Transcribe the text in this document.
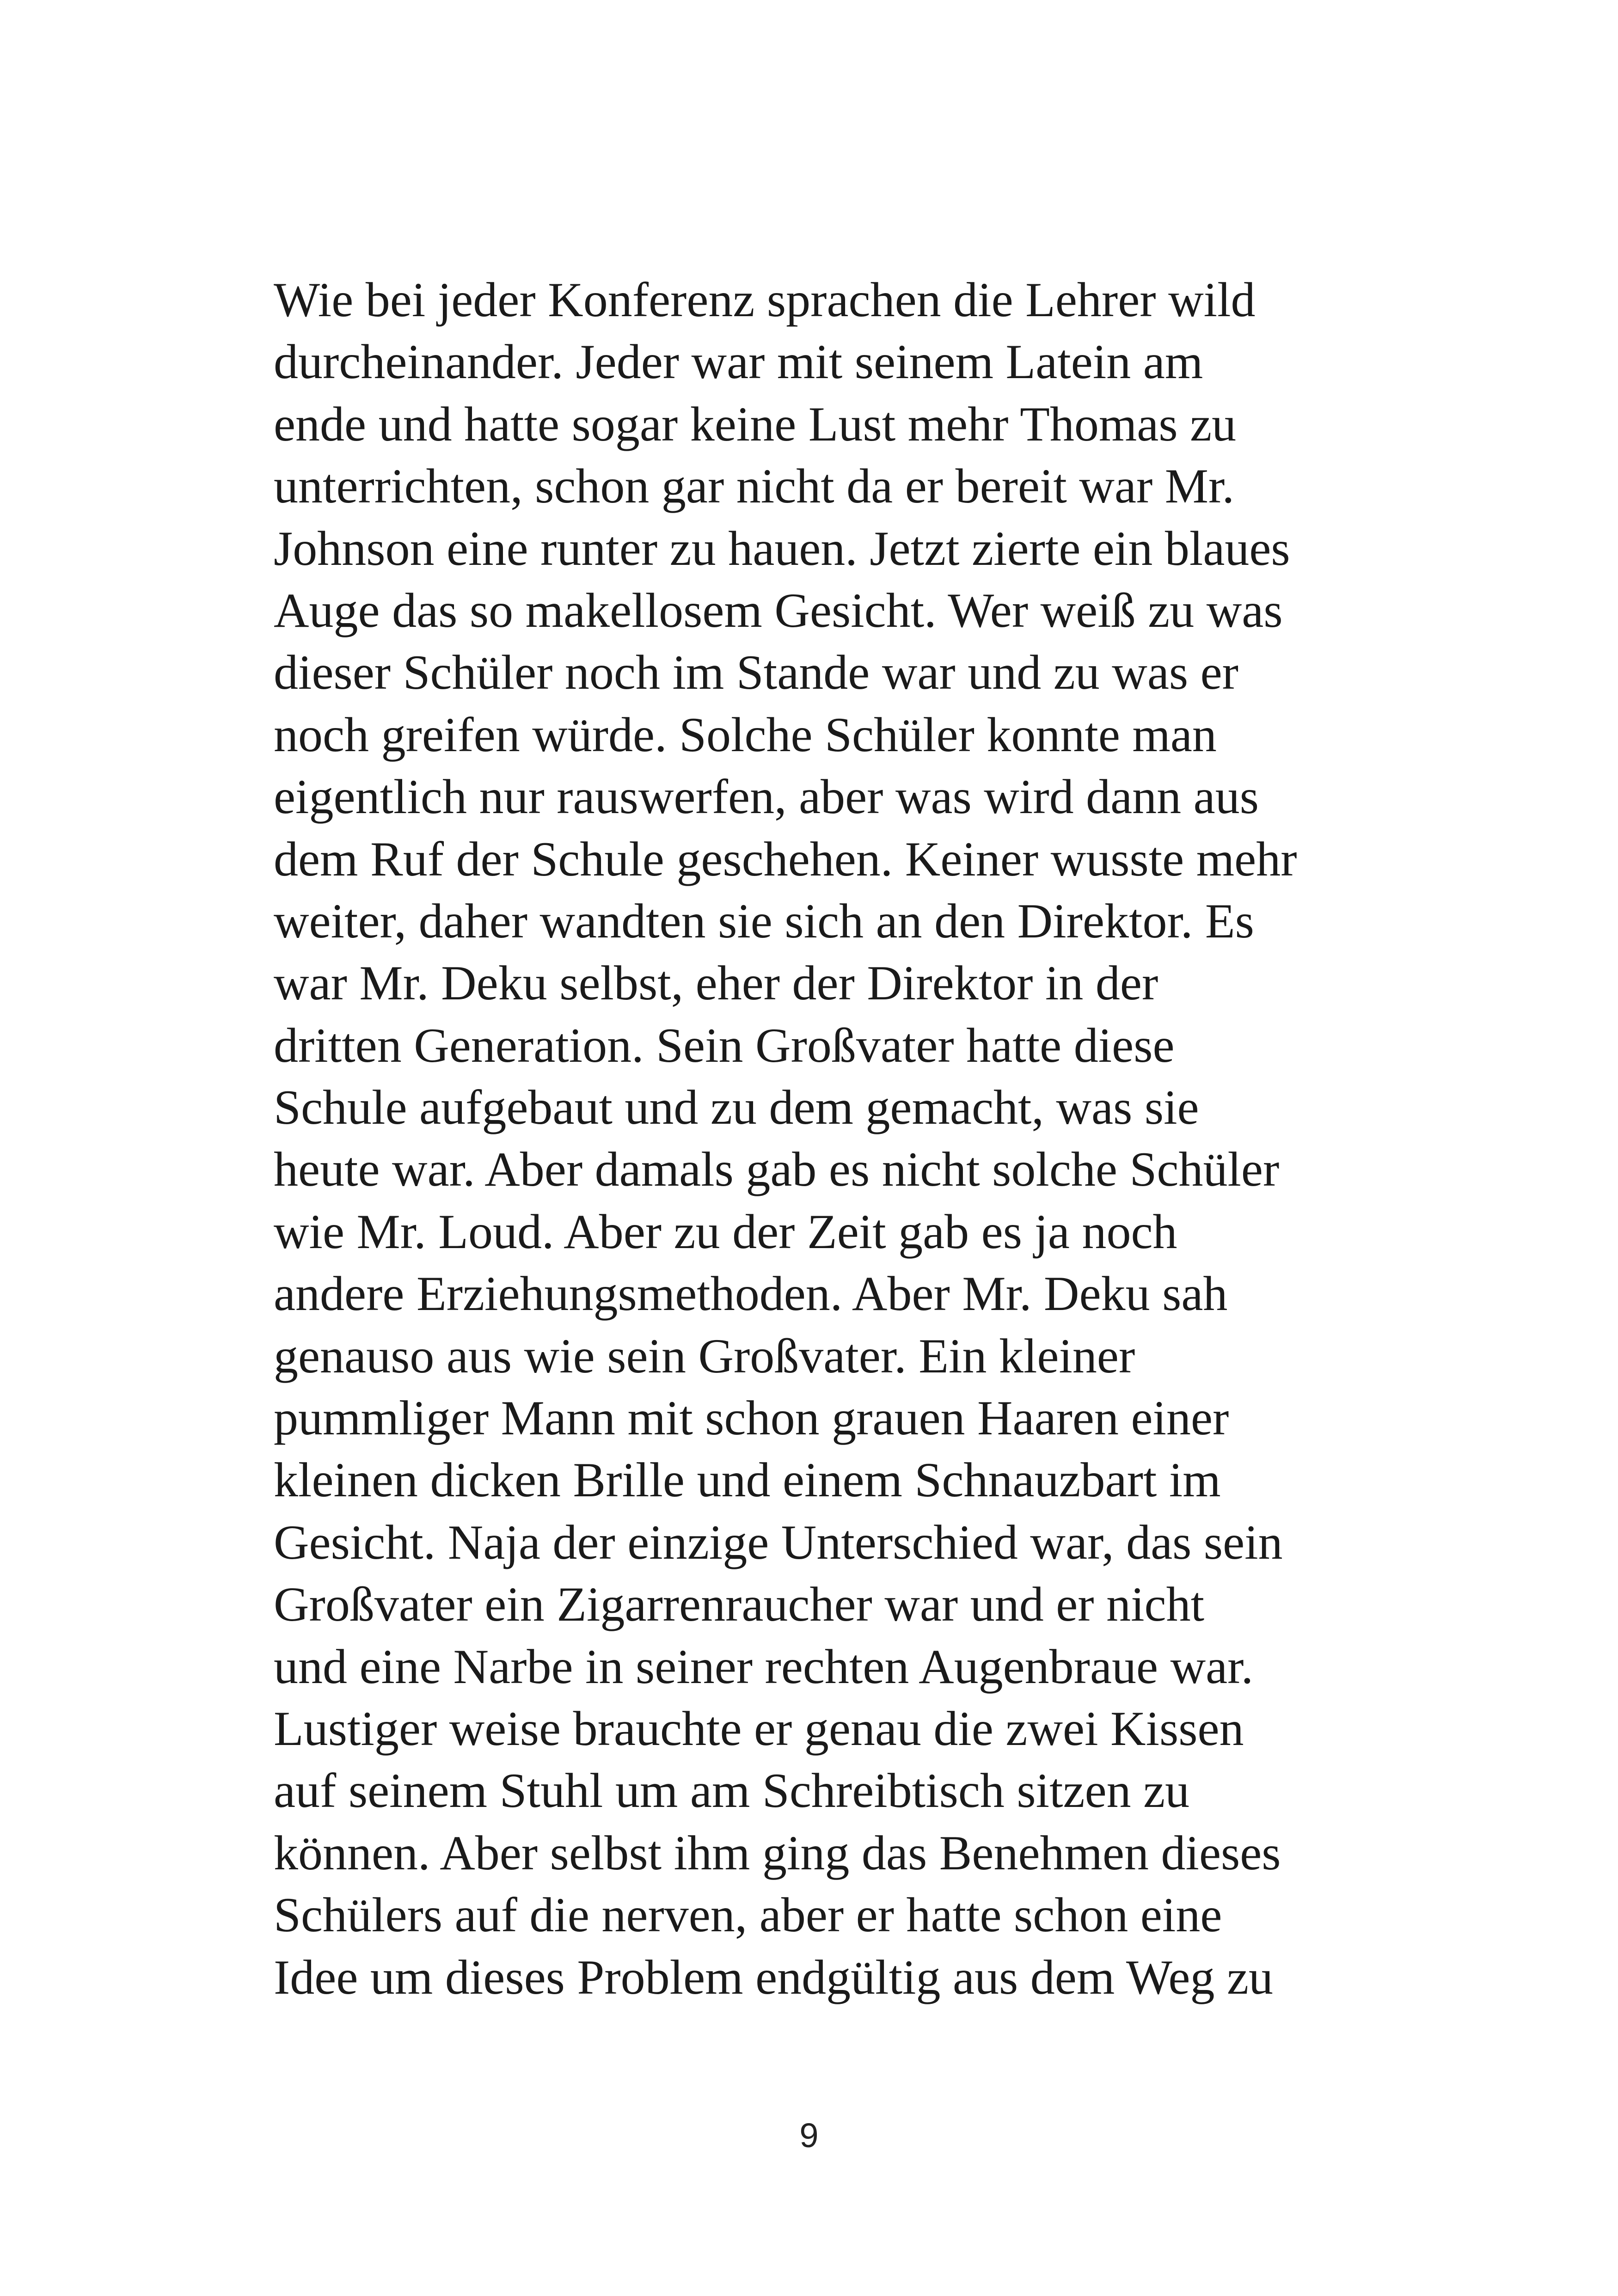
Wie bei jeder Konferenz sprachen die Lehrer wild
durcheinander. Jeder war mit seinem Latein am
ende und hatte sogar keine Lust mehr Thomas zu
unterrichten, schon gar nicht da er bereit war Mr.
Johnson eine runter zu hauen. Jetzt zierte ein blaues
Auge das so makellosem Gesicht. Wer weiß zu was
dieser Schüler noch im Stande war und zu was er
noch greifen würde. Solche Schüler konnte man
eigentlich nur rauswerfen, aber was wird dann aus
dem Ruf der Schule geschehen. Keiner wusste mehr
weiter, daher wandten sie sich an den Direktor. Es
war Mr. Deku selbst, eher der Direktor in der
dritten Generation. Sein Großvater hatte diese
Schule aufgebaut und zu dem gemacht, was sie
heute war. Aber damals gab es nicht solche Schüler
wie Mr. Loud. Aber zu der Zeit gab es ja noch
andere Erziehungsmethoden. Aber Mr. Deku sah
genauso aus wie sein Großvater. Ein kleiner
pummliger Mann mit schon grauen Haaren einer
kleinen dicken Brille und einem Schnauzbart im
Gesicht. Naja der einzige Unterschied war, das sein
Großvater ein Zigarrenraucher war und er nicht
und eine Narbe in seiner rechten Augenbraue war.
Lustiger weise brauchte er genau die zwei Kissen
auf seinem Stuhl um am Schreibtisch sitzen zu
können. Aber selbst ihm ging das Benehmen dieses
Schülers auf die nerven, aber er hatte schon eine
Idee um dieses Problem endgültig aus dem Weg zu
9
